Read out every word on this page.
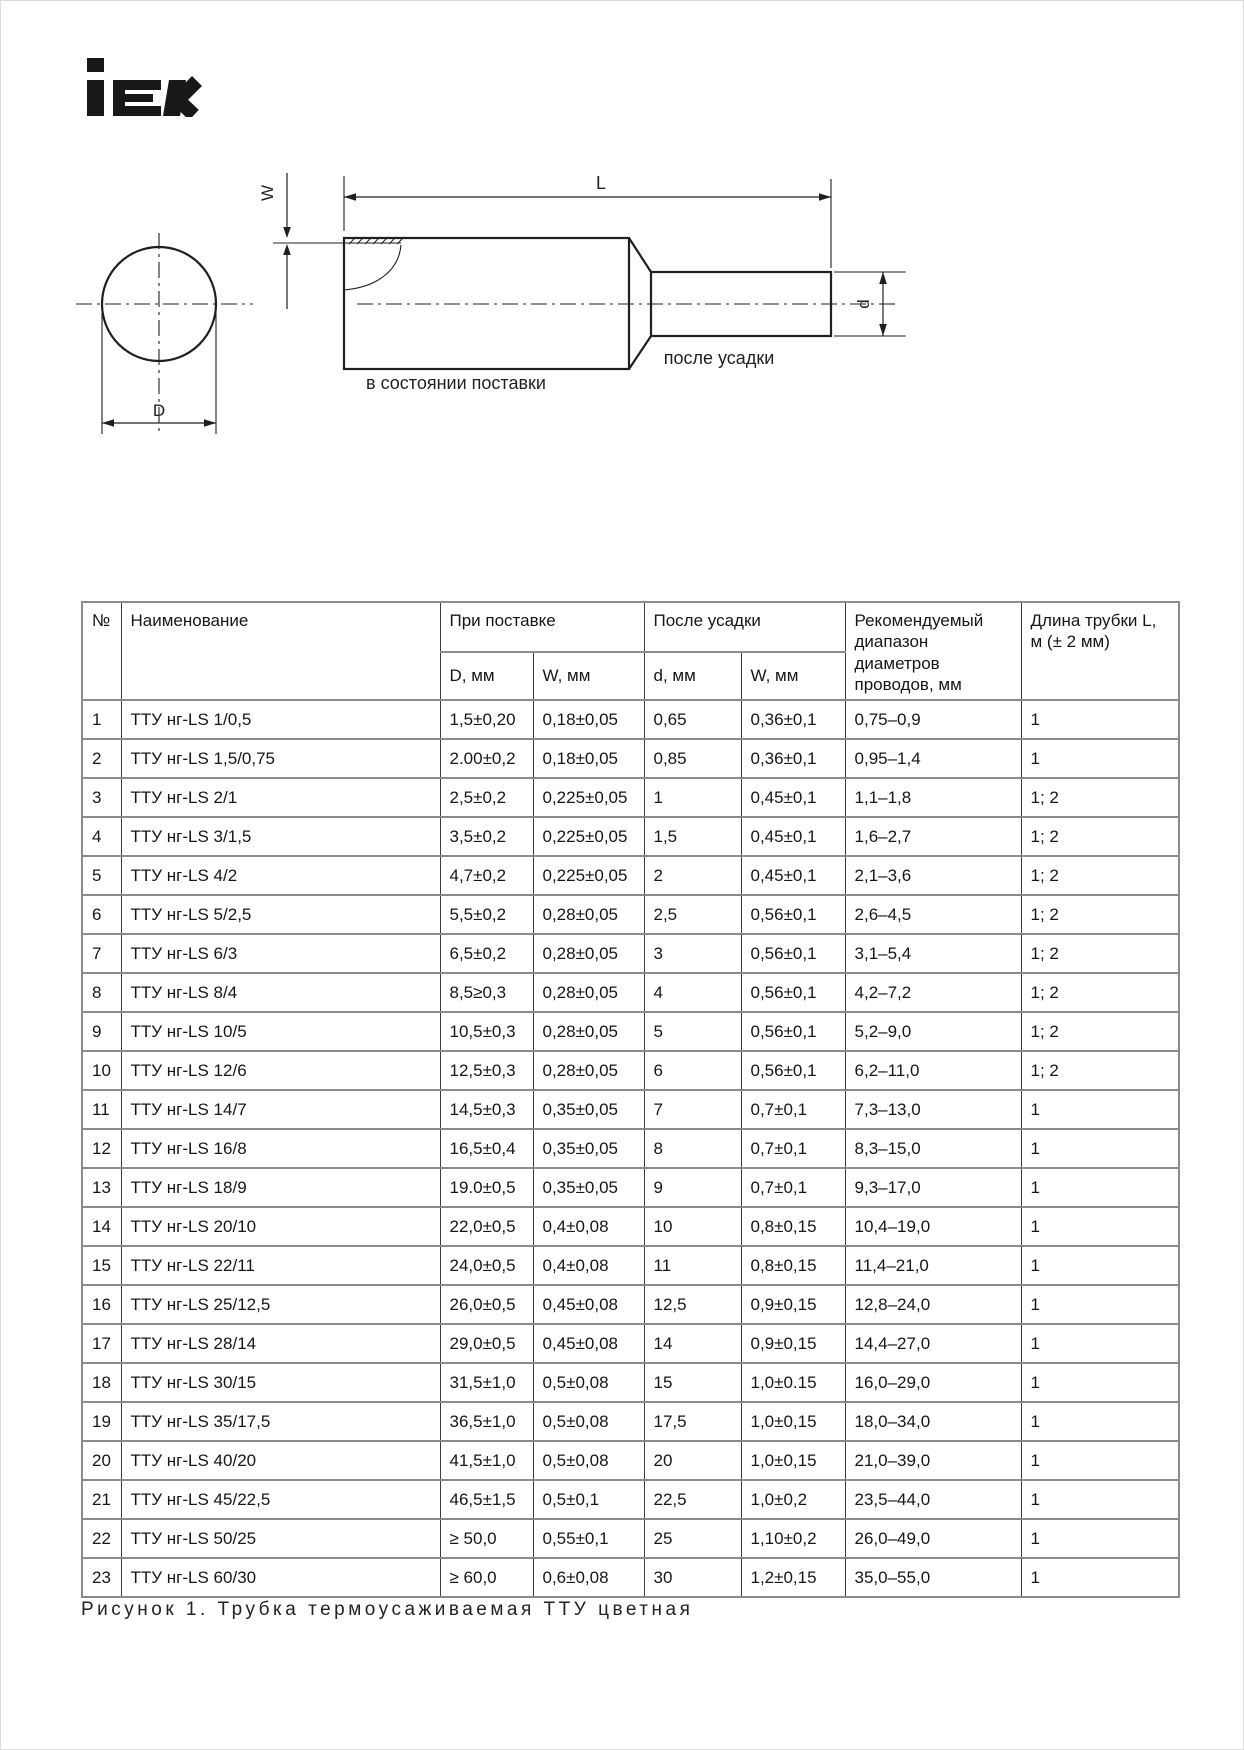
L
W
D
d
в состоянии поставки
после усадки
№	Наименование	При поставке		После усадки		Рекомендуемый диапазон диаметров проводов, мм	Длина трубки L, м (± 2 мм)
		D, мм	W, мм	d, мм	W, мм		
1	ТТУ нг-LS 1/0,5	1,5±0,20	0,18±0,05	0,65	0,36±0,1	0,75–0,9	1
2	ТТУ нг-LS 1,5/0,75	2.00±0,2	0,18±0,05	0,85	0,36±0,1	0,95–1,4	1
3	ТТУ нг-LS 2/1	2,5±0,2	0,225±0,05	1	0,45±0,1	1,1–1,8	1; 2
4	ТТУ нг-LS 3/1,5	3,5±0,2	0,225±0,05	1,5	0,45±0,1	1,6–2,7	1; 2
5	ТТУ нг-LS 4/2	4,7±0,2	0,225±0,05	2	0,45±0,1	2,1–3,6	1; 2
6	ТТУ нг-LS 5/2,5	5,5±0,2	0,28±0,05	2,5	0,56±0,1	2,6–4,5	1; 2
7	ТТУ нг-LS 6/3	6,5±0,2	0,28±0,05	3	0,56±0,1	3,1–5,4	1; 2
8	ТТУ нг-LS 8/4	8,5≥0,3	0,28±0,05	4	0,56±0,1	4,2–7,2	1; 2
9	ТТУ нг-LS 10/5	10,5±0,3	0,28±0,05	5	0,56±0,1	5,2–9,0	1; 2
10	ТТУ нг-LS 12/6	12,5±0,3	0,28±0,05	6	0,56±0,1	6,2–11,0	1; 2
11	ТТУ нг-LS 14/7	14,5±0,3	0,35±0,05	7	0,7±0,1	7,3–13,0	1
12	ТТУ нг-LS 16/8	16,5±0,4	0,35±0,05	8	0,7±0,1	8,3–15,0	1
13	ТТУ нг-LS 18/9	19.0±0,5	0,35±0,05	9	0,7±0,1	9,3–17,0	1
14	ТТУ нг-LS 20/10	22,0±0,5	0,4±0,08	10	0,8±0,15	10,4–19,0	1
15	ТТУ нг-LS 22/11	24,0±0,5	0,4±0,08	11	0,8±0,15	11,4–21,0	1
16	ТТУ нг-LS 25/12,5	26,0±0,5	0,45±0,08	12,5	0,9±0,15	12,8–24,0	1
17	ТТУ нг-LS 28/14	29,0±0,5	0,45±0,08	14	0,9±0,15	14,4–27,0	1
18	ТТУ нг-LS 30/15	31,5±1,0	0,5±0,08	15	1,0±0.15	16,0–29,0	1
19	ТТУ нг-LS 35/17,5	36,5±1,0	0,5±0,08	17,5	1,0±0,15	18,0–34,0	1
20	ТТУ нг-LS 40/20	41,5±1,0	0,5±0,08	20	1,0±0,15	21,0–39,0	1
21	ТТУ нг-LS 45/22,5	46,5±1,5	0,5±0,1	22,5	1,0±0,2	23,5–44,0	1
22	ТТУ нг-LS 50/25	≥ 50,0	0,55±0,1	25	1,10±0,2	26,0–49,0	1
23	ТТУ нг-LS 60/30	≥ 60,0	0,6±0,08	30	1,2±0,15	35,0–55,0	1
Рисунок 1. Трубка термоусаживаемая ТТУ цветная
